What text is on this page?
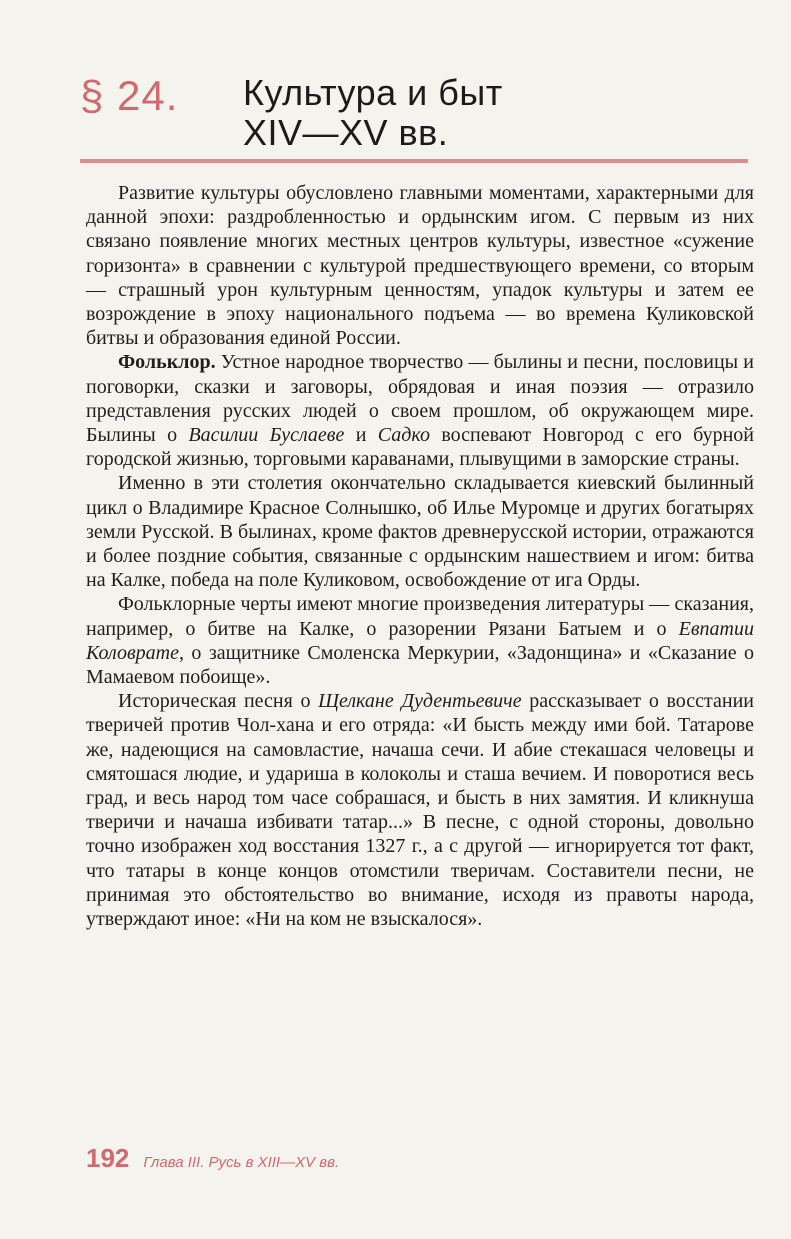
§ 24. Культура и быт
XIV—XV вв.

Развитие культуры обусловлено главными моментами, характерными для данной эпохи: раздробленностью и ордынским игом. С первым из них связано появление многих местных центров культуры, известное «сужение горизонта» в сравнении с культурой предшествующего времени, со вторым — страшный урон культурным ценностям, упадок культуры и затем ее возрождение в эпоху национального подъема — во времена Куликовской битвы и образования единой России.

Фольклор. Устное народное творчество — былины и песни, пословицы и поговорки, сказки и заговоры, обрядовая и иная поэзия — отразило представления русских людей о своем прошлом, об окружающем мире. Былины о Василии Буслаеве и Садко воспевают Новгород с его бурной городской жизнью, торговыми караванами, плывущими в заморские страны.

Именно в эти столетия окончательно складывается киевский былинный цикл о Владимире Красное Солнышко, об Илье Муромце и других богатырях земли Русской. В былинах, кроме фактов древнерусской истории, отражаются и более поздние события, связанные с ордынским нашествием и игом: битва на Калке, победа на поле Куликовом, освобождение от ига Орды.

Фольклорные черты имеют многие произведения литературы — сказания, например, о битве на Калке, о разорении Рязани Батыем и о Евпатии Коловрате, о защитнике Смоленска Меркурии, «Задонщина» и «Сказание о Мамаевом побоище».

Историческая песня о Щелкане Дудентьевиче рассказывает о восстании тверичей против Чол-хана и его отряда: «И бысть между ими бой. Татарове же, надеющися на самовластие, начаша сечи. И абие стекашася человецы и смятошася людие, и удариша в колоколы и сташа вечием. И поворотися весь град, и весь народ том часе собрашася, и бысть в них замятия. И кликнуша тверичи и начаша избивати татар...» В песне, с одной стороны, довольно точно изображен ход восстания 1327 г., а с другой — игнорируется тот факт, что татары в конце концов отомстили тверичам. Составители песни, не принимая это обстоятельство во внимание, исходя из правоты народа, утверждают иное: «Ни на ком не взыскалося».

192 Глава III. Русь в XIII—XV вв.
